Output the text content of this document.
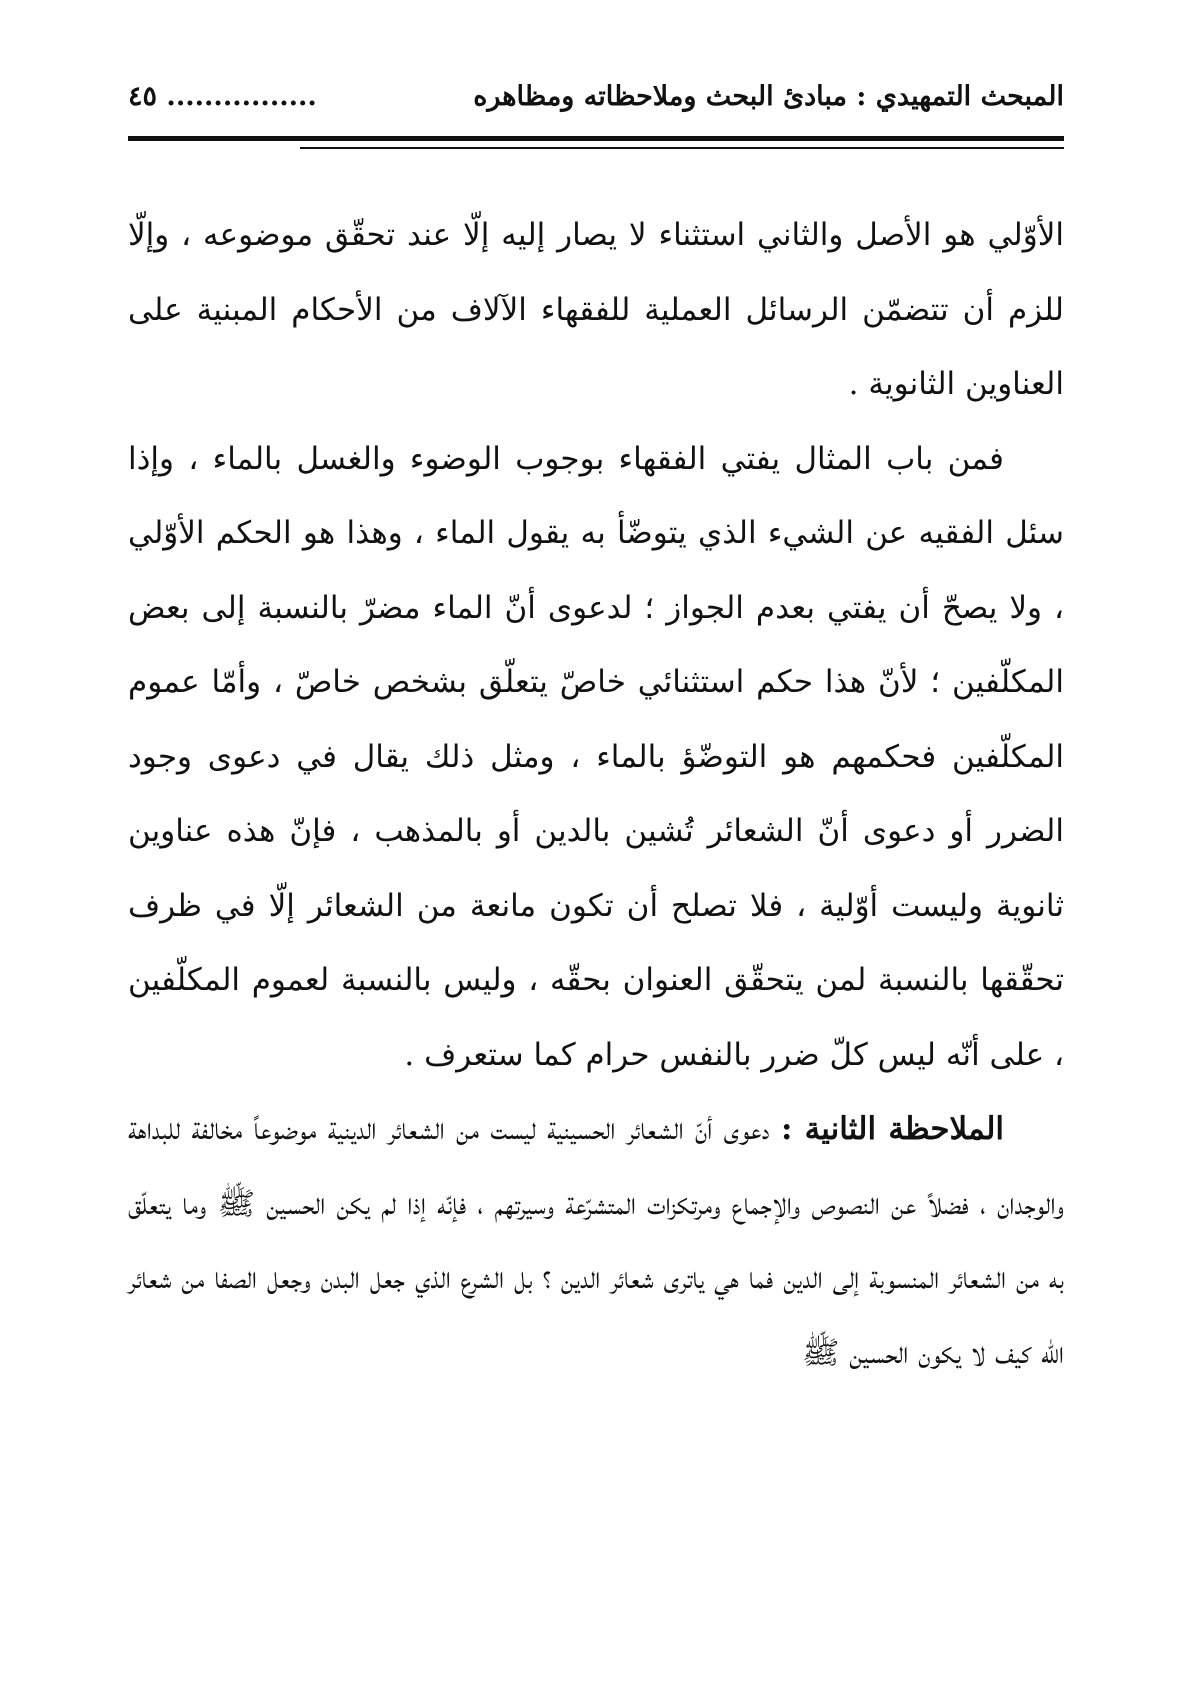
المبحث التمهيدي : مبادئ البحث وملاحظاته ومظاهره
................ ٤٥

الأوّلي هو الأصل والثاني استثناء لا يصار إليه إلّا عند تحقّق موضوعه ، وإلّا للزم أن تتضمّن الرسائل العملية للفقهاء الآلاف من الأحكام المبنية على العناوين الثانوية .

فمن باب المثال يفتي الفقهاء بوجوب الوضوء والغسل بالماء ، وإذا سئل الفقيه عن الشيء الذي يتوضّأ به يقول الماء ، وهذا هو الحكم الأوّلي ، ولا يصحّ أن يفتي بعدم الجواز ؛ لدعوى أنّ الماء مضرّ بالنسبة إلى بعض المكلّفين ؛ لأنّ هذا حكم استثنائي خاصّ يتعلّق بشخص خاصّ ، وأمّا عموم المكلّفين فحكمهم هو التوضّؤ بالماء ، ومثل ذلك يقال في دعوى وجود الضرر أو دعوى أنّ الشعائر تُشين بالدين أو بالمذهب ، فإنّ هذه عناوين ثانوية وليست أوّلية ، فلا تصلح أن تكون مانعة من الشعائر إلّا في ظرف تحقّقها بالنسبة لمن يتحقّق العنوان بحقّه ، وليس بالنسبة لعموم المكلّفين ، على أنّه ليس كلّ ضرر بالنفس حرام كما ستعرف .

الملاحظة الثانية : دعوى أنّ الشعائر الحسينية ليست من الشعائر الدينية موضوعاً مخالفة للبداهة والوجدان ، فضلاً عن النصوص والإجماع ومرتكزات المتشرّعة وسيرتهم ، فإنّه إذا لم يكن الحسين ﷺ وما يتعلّق به من الشعائر المنسوبة إلى الدين فما هي ياترى شعائر الدين ؟ بل الشرع الذي جعل البدن وجعل الصفا من شعائر الله كيف لا يكون الحسين ﷺ
